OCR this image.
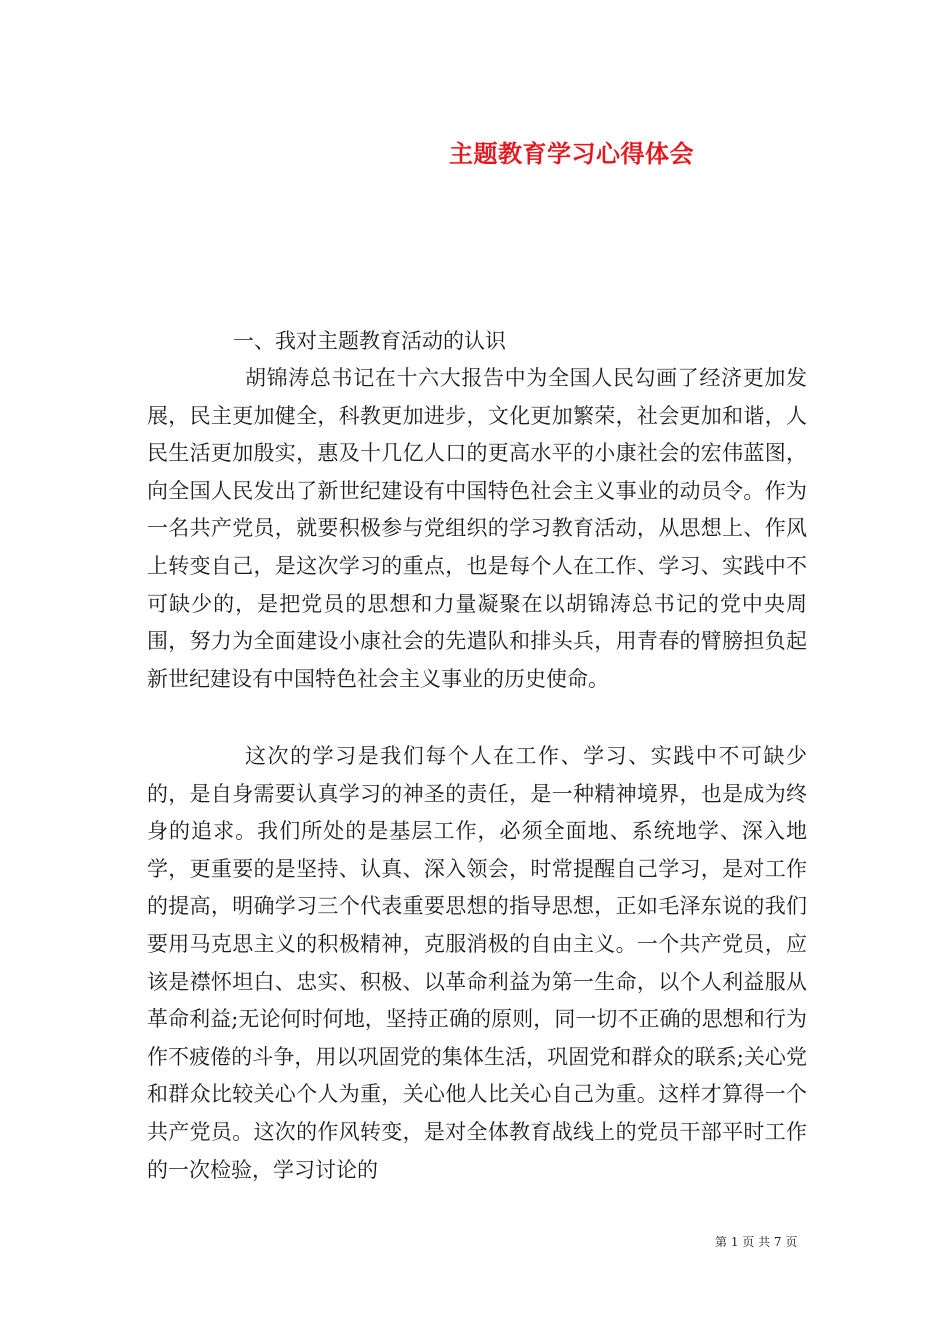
主题教育学习心得体会
一、我对主题教育活动的认识

胡锦涛总书记在十六大报告中为全国人民勾画了经济更加发展，民主更加健全，科教更加进步，文化更加繁荣，社会更加和谐，人民生活更加殷实，惠及十几亿人口的更高水平的小康社会的宏伟蓝图，向全国人民发出了新世纪建设有中国特色社会主义事业的动员令。作为一名共产党员，就要积极参与党组织的学习教育活动，从思想上、作风上转变自己，是这次学习的重点，也是每个人在工作、学习、实践中不可缺少的，是把党员的思想和力量凝聚在以胡锦涛总书记的党中央周围，努力为全面建设小康社会的先遣队和排头兵，用青春的臂膀担负起新世纪建设有中国特色社会主义事业的历史使命。

这次的学习是我们每个人在工作、学习、实践中不可缺少的，是自身需要认真学习的神圣的责任，是一种精神境界，也是成为终身的追求。我们所处的是基层工作，必须全面地、系统地学、深入地学，更重要的是坚持、认真、深入领会，时常提醒自己学习，是对工作的提高，明确学习三个代表重要思想的指导思想，正如毛泽东说的我们要用马克思主义的积极精神，克服消极的自由主义。一个共产党员，应该是襟怀坦白、忠实、积极、以革命利益为第一生命，以个人利益服从革命利益;无论何时何地，坚持正确的原则，同一切不正确的思想和行为作不疲倦的斗争，用以巩固党的集体生活，巩固党和群众的联系;关心党和群众比较关心个人为重，关心他人比关心自己为重。这样才算得一个共产党员。这次的作风转变，是对全体教育战线上的党员干部平时工作的一次检验，学习讨论的

第 1 页 共 7 页
